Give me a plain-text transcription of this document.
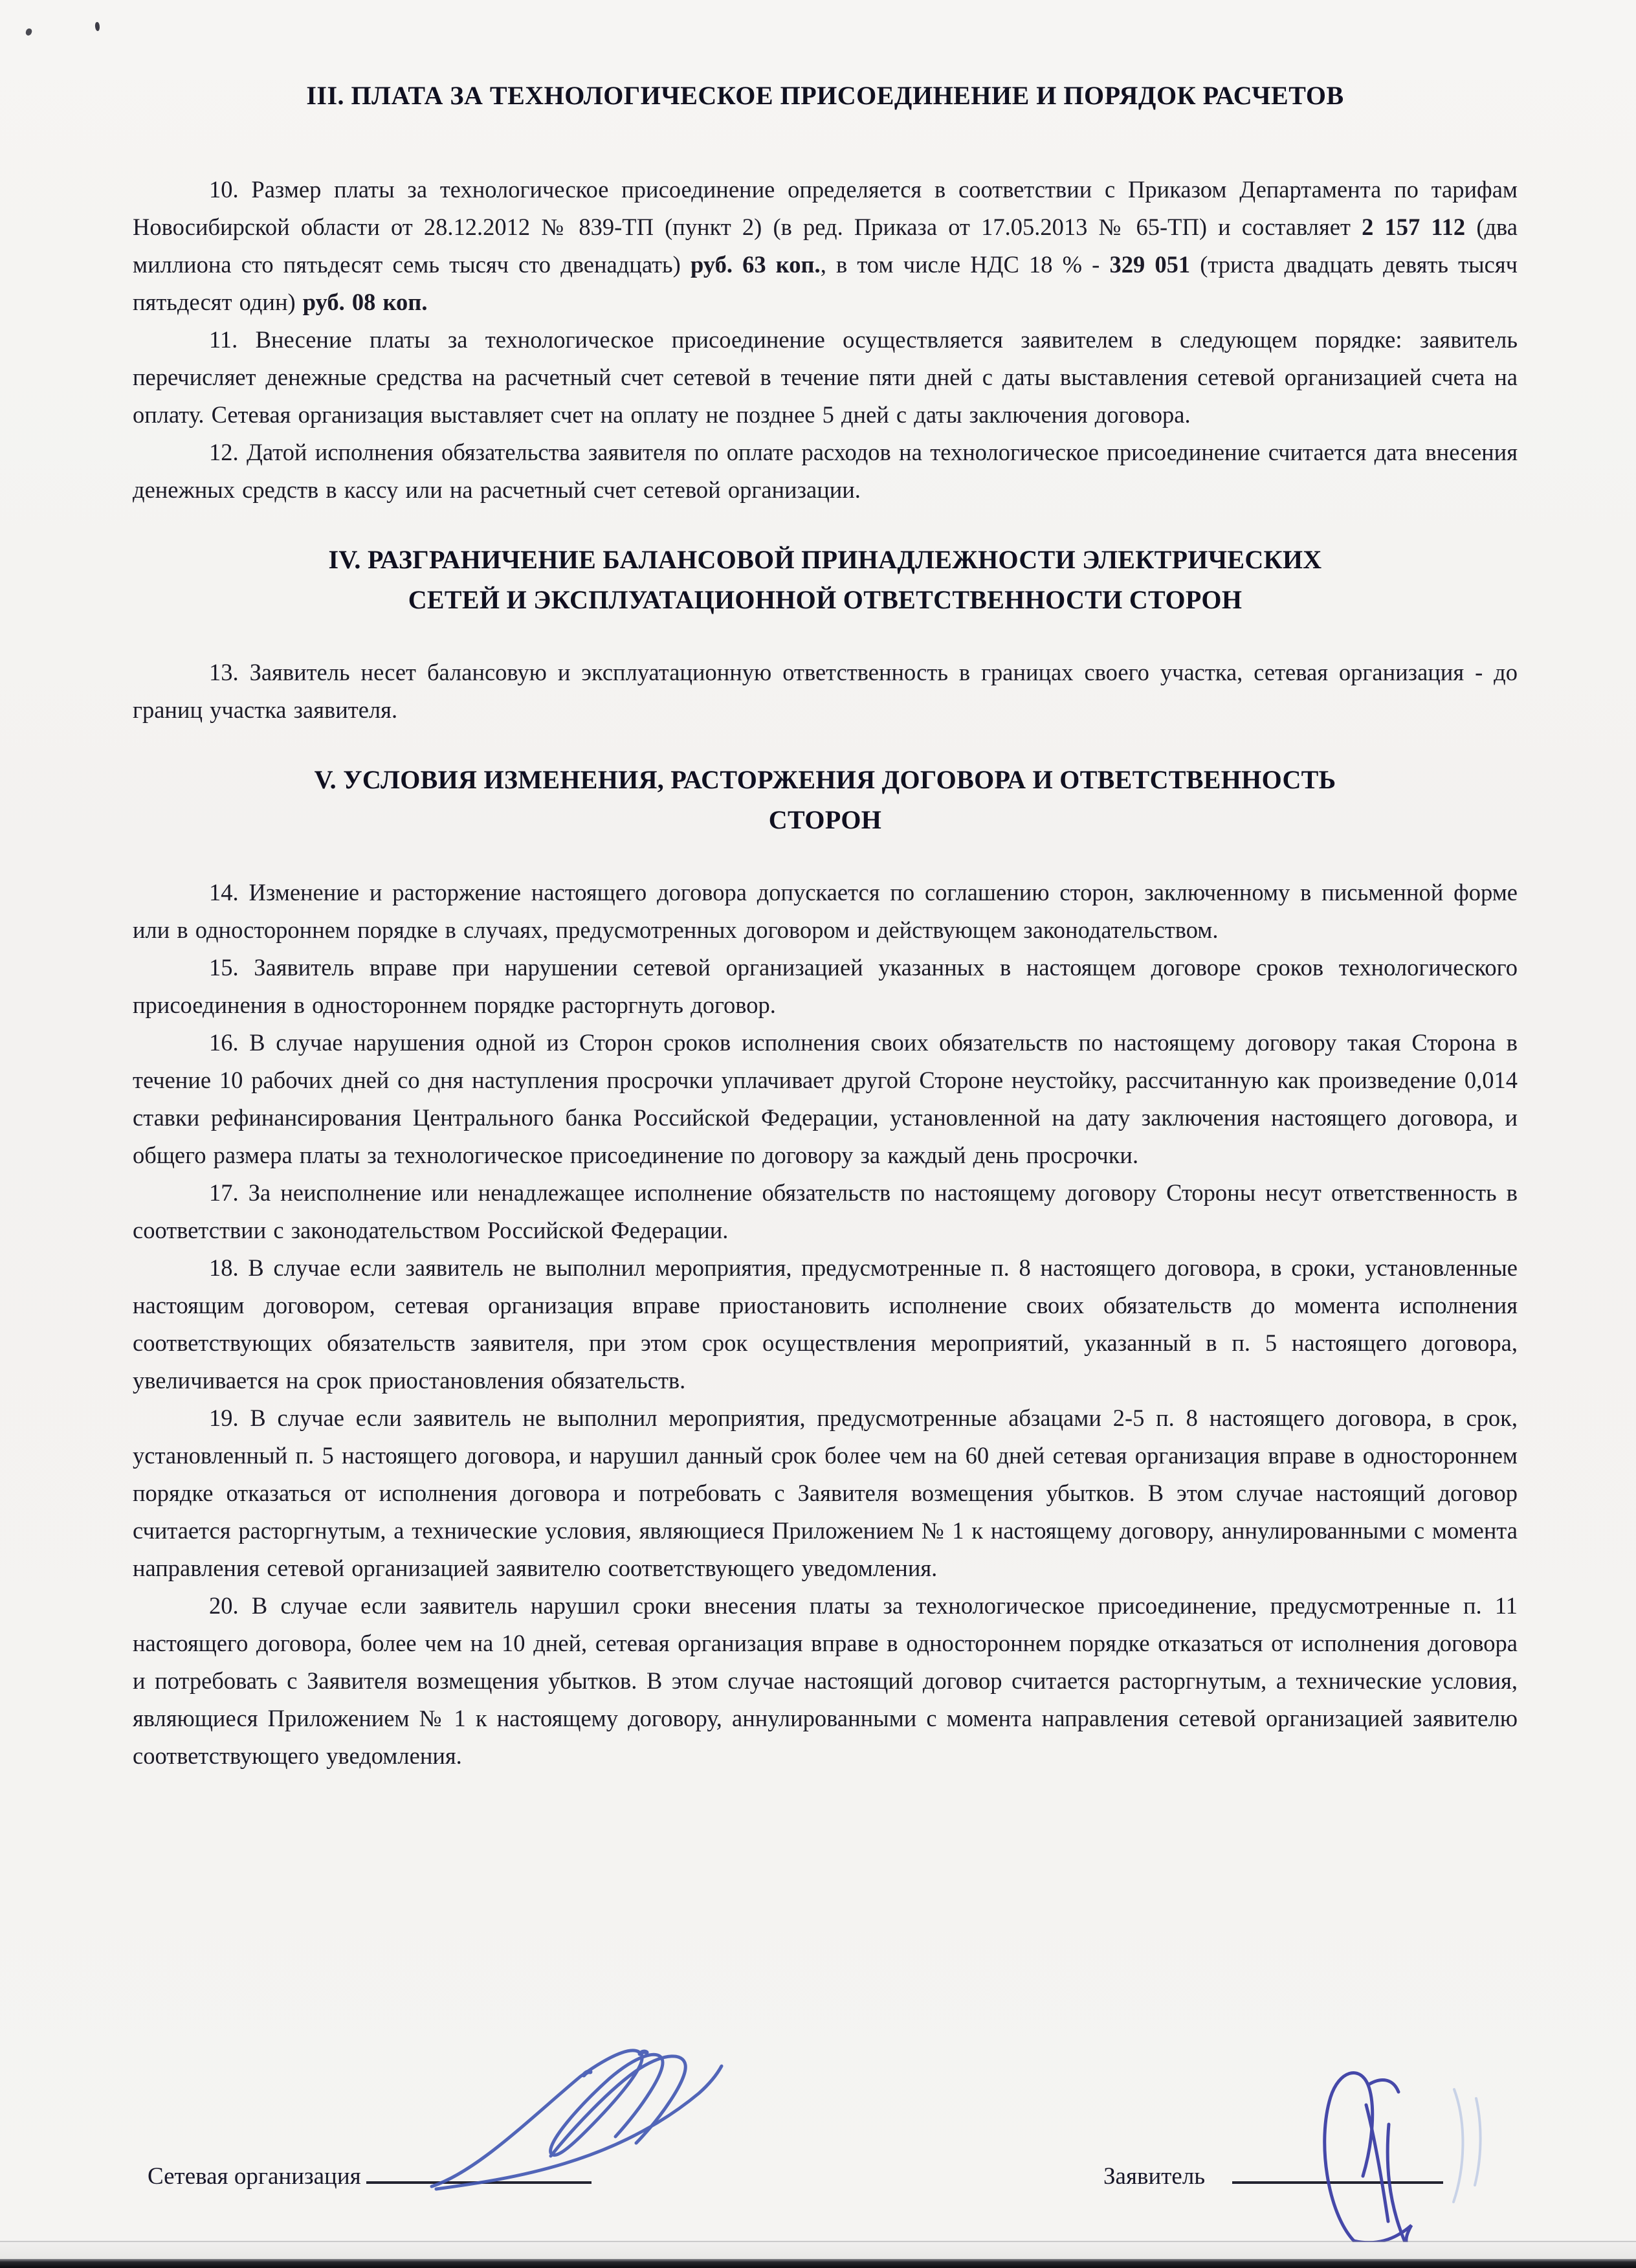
III. ПЛАТА ЗА ТЕХНОЛОГИЧЕСКОЕ ПРИСОЕДИНЕНИЕ И ПОРЯДОК РАСЧЕТОВ

10. Размер платы за технологическое присоединение определяется в соответствии с Приказом Департамента по тарифам Новосибирской области от 28.12.2012 № 839-ТП (пункт 2) (в ред. Приказа от 17.05.2013 № 65-ТП) и составляет 2 157 112 (два миллиона сто пятьдесят семь тысяч сто двенадцать) руб. 63 коп., в том числе НДС 18 % - 329 051 (триста двадцать девять тысяч пятьдесят один) руб. 08 коп.

11. Внесение платы за технологическое присоединение осуществляется заявителем в следующем порядке: заявитель перечисляет денежные средства на расчетный счет сетевой в течение пяти дней с даты выставления сетевой организацией счета на оплату. Сетевая организация выставляет счет на оплату не позднее 5 дней с даты заключения договора.

12. Датой исполнения обязательства заявителя по оплате расходов на технологическое присоединение считается дата внесения денежных средств в кассу или на расчетный счет сетевой организации.

IV. РАЗГРАНИЧЕНИЕ БАЛАНСОВОЙ ПРИНАДЛЕЖНОСТИ ЭЛЕКТРИЧЕСКИХ СЕТЕЙ И ЭКСПЛУАТАЦИОННОЙ ОТВЕТСТВЕННОСТИ СТОРОН

13. Заявитель несет балансовую и эксплуатационную ответственность в границах своего участка, сетевая организация - до границ участка заявителя.

V. УСЛОВИЯ ИЗМЕНЕНИЯ, РАСТОРЖЕНИЯ ДОГОВОРА И ОТВЕТСТВЕННОСТЬ СТОРОН

14. Изменение и расторжение настоящего договора допускается по соглашению сторон, заключенному в письменной форме или в одностороннем порядке в случаях, предусмотренных договором и действующем законодательством.

15. Заявитель вправе при нарушении сетевой организацией указанных в настоящем договоре сроков технологического присоединения в одностороннем порядке расторгнуть договор.

16. В случае нарушения одной из Сторон сроков исполнения своих обязательств по настоящему договору такая Сторона в течение 10 рабочих дней со дня наступления просрочки уплачивает другой Стороне неустойку, рассчитанную как произведение 0,014 ставки рефинансирования Центрального банка Российской Федерации, установленной на дату заключения настоящего договора, и общего размера платы за технологическое присоединение по договору за каждый день просрочки.

17. За неисполнение или ненадлежащее исполнение обязательств по настоящему договору Стороны несут ответственность в соответствии с законодательством Российской Федерации.

18. В случае если заявитель не выполнил мероприятия, предусмотренные п. 8 настоящего договора, в сроки, установленные настоящим договором, сетевая организация вправе приостановить исполнение своих обязательств до момента исполнения соответствующих обязательств заявителя, при этом срок осуществления мероприятий, указанный в п. 5 настоящего договора, увеличивается на срок приостановления обязательств.

19. В случае если заявитель не выполнил мероприятия, предусмотренные абзацами 2-5 п. 8 настоящего договора, в срок, установленный п. 5 настоящего договора, и нарушил данный срок более чем на 60 дней сетевая организация вправе в одностороннем порядке отказаться от исполнения договора и потребовать с Заявителя возмещения убытков. В этом случае настоящий договор считается расторгнутым, а технические условия, являющиеся Приложением № 1 к настоящему договору, аннулированными с момента направления сетевой организацией заявителю соответствующего уведомления.

20. В случае если заявитель нарушил сроки внесения платы за технологическое присоединение, предусмотренные п. 11 настоящего договора, более чем на 10 дней, сетевая организация вправе в одностороннем порядке отказаться от исполнения договора и потребовать с Заявителя возмещения убытков. В этом случае настоящий договор считается расторгнутым, а технические условия, являющиеся Приложением № 1 к настоящему договору, аннулированными с момента направления сетевой организацией заявителю соответствующего уведомления.

Сетевая организация	Заявитель
